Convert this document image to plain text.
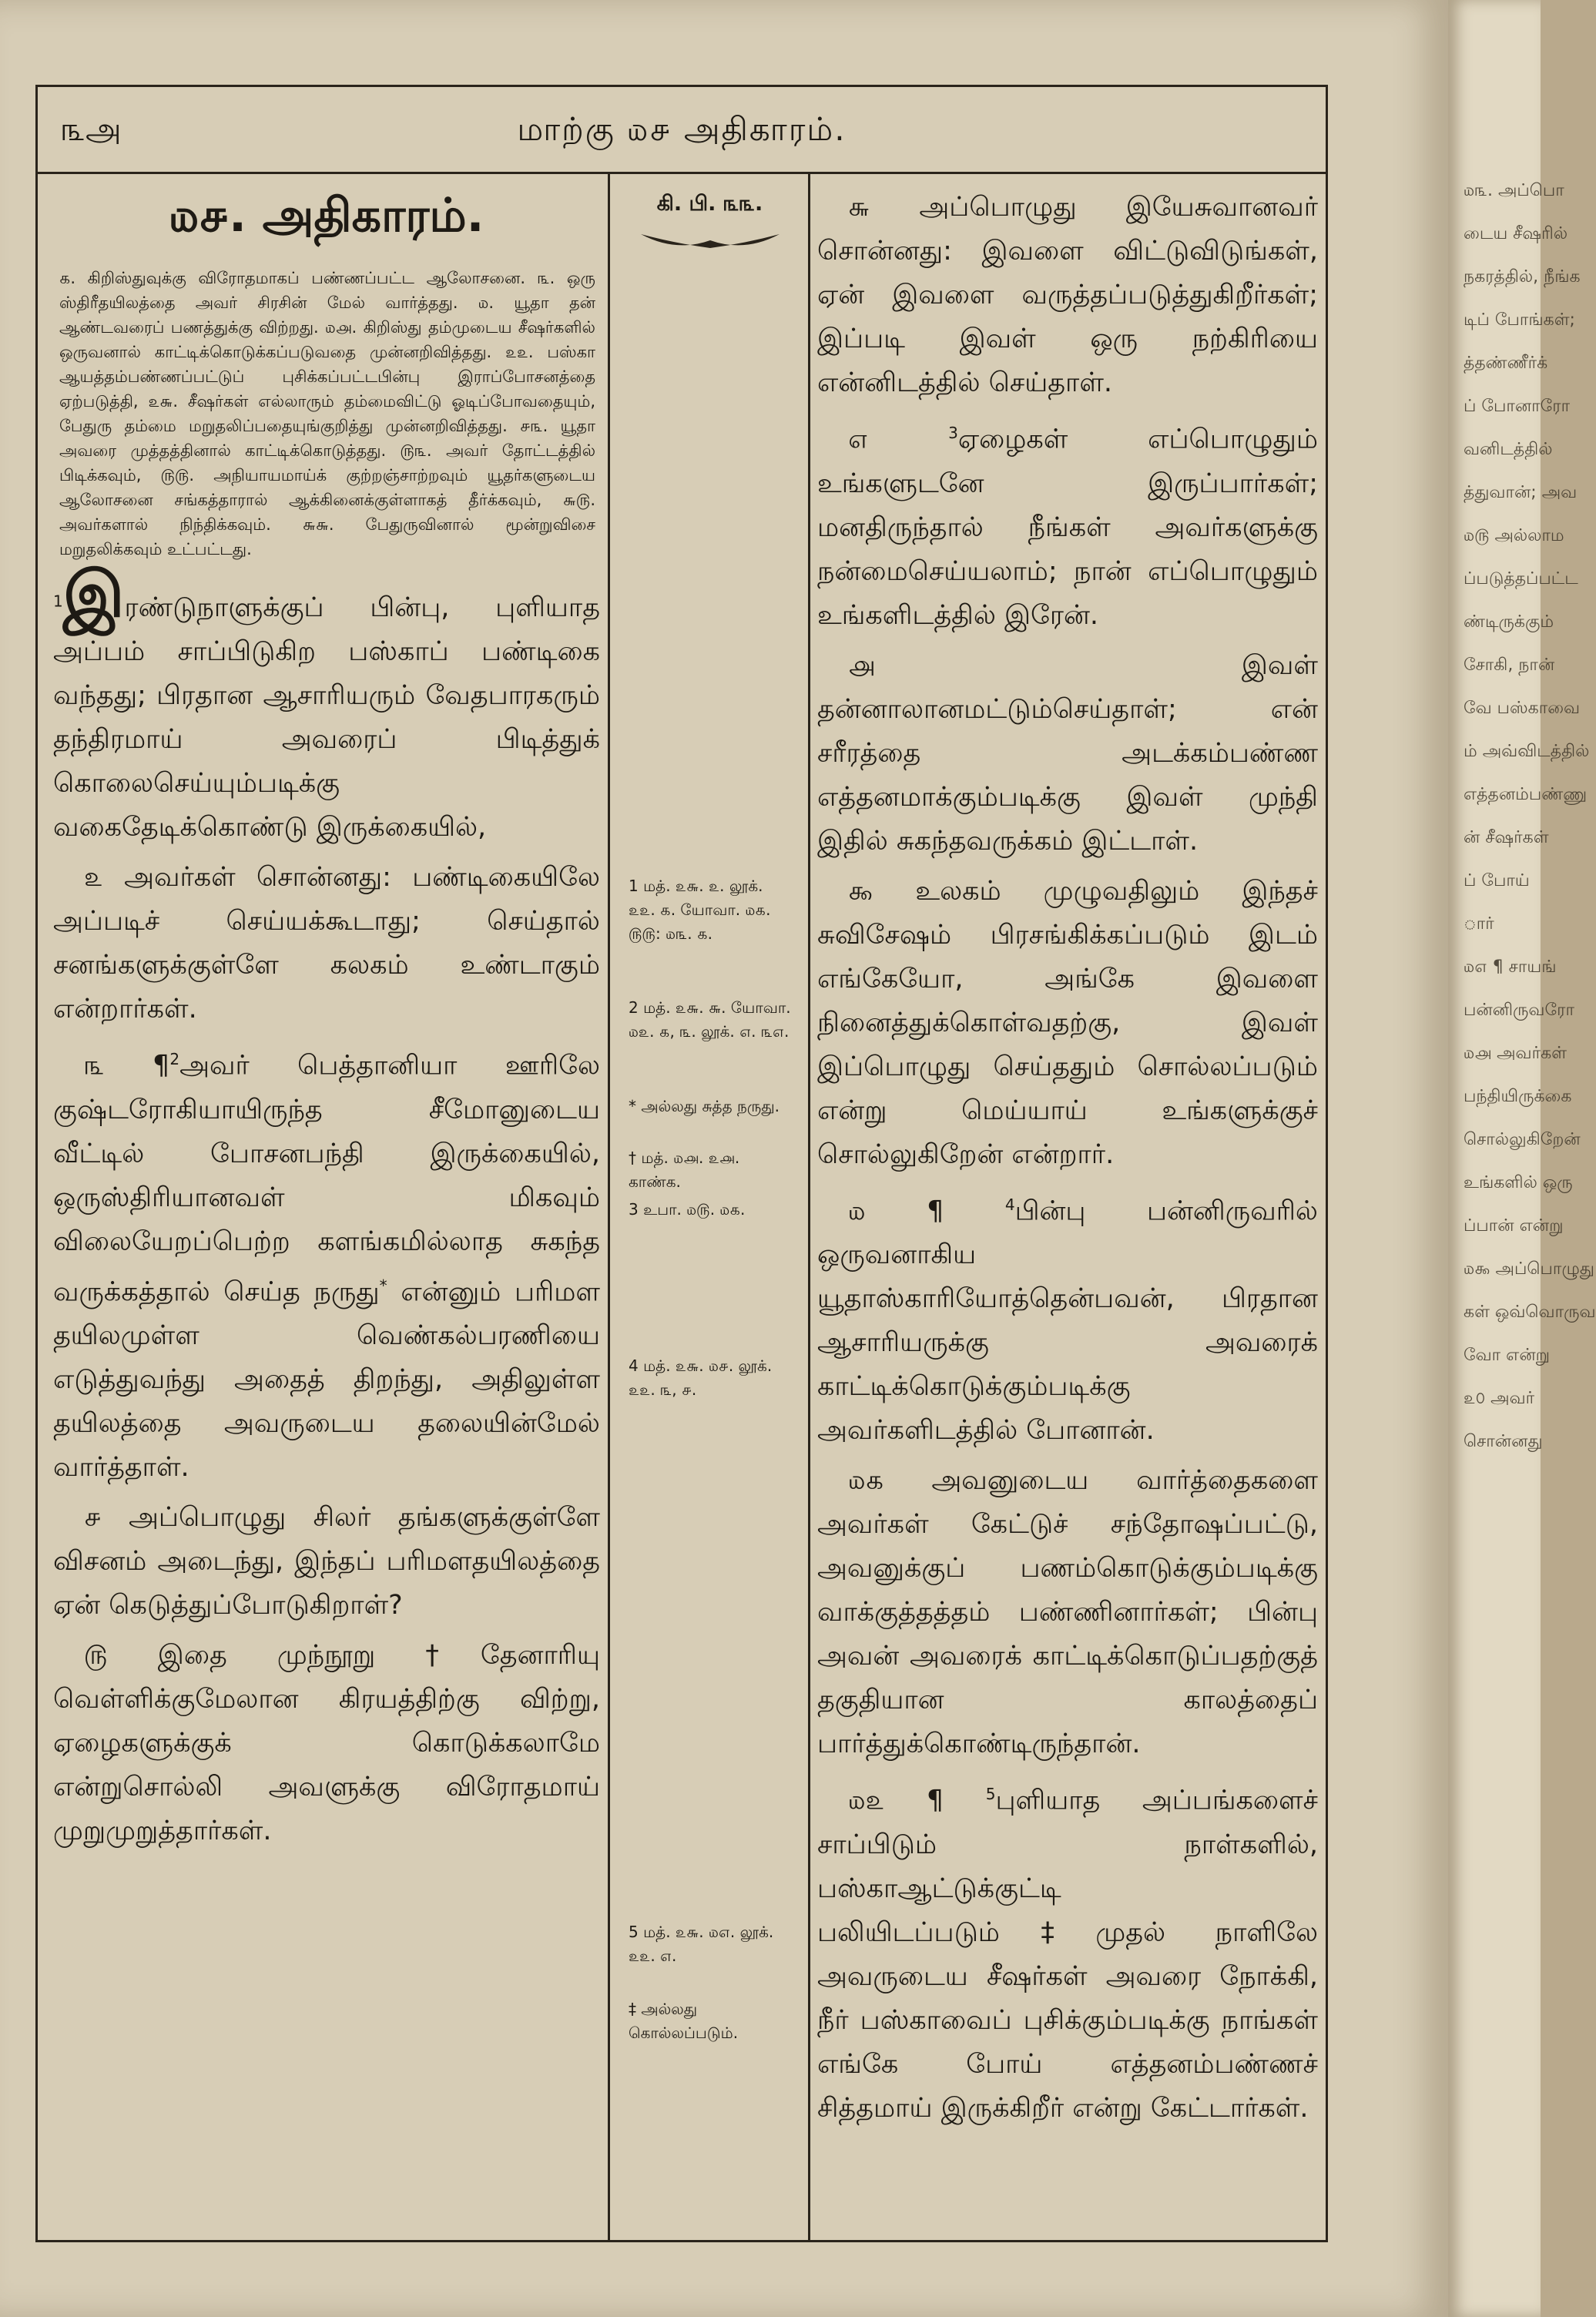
௩அ	மாற்கு ௰௪ அதிகாரம்.
௰௪. அதிகாரம்.
௧. கிறிஸ்துவுக்கு விரோதமாகப் பண்ணப்பட்ட ஆலோசனை. ௩. ஒரு ஸ்திரீதயிலத்தை அவர் சிரசின் மேல் வார்த்தது. ௰. யூதா தன் ஆண்டவரைப் பணத்துக்கு விற்றது. ௰௮. கிறிஸ்து தம்முடைய சீஷர்களில் ஒருவனால் காட்டிக்கொடுக்கப்படுவதை முன்னறிவித்தது. ௨௨. பஸ்கா ஆயத்தம்பண்ணப்பட்டுப் புசிக்கப்பட்டபின்பு இராப்போசனத்தை ஏற்படுத்தி, ௨௬. சீஷர்கள் எல்லாரும் தம்மைவிட்டு ஓடிப்போவதையும், பேதுரு தம்மை மறுதலிப்பதையுங்குறித்து முன்னறிவித்தது. ௪௩. யூதா அவரை முத்தத்தினால் காட்டிக்கொடுத்தது. ௫௩. அவர் தோட்டத்தில் பிடிக்கவும், ௫௫. அநியாயமாய்க் குற்றஞ்சாற்றவும் யூதர்களுடைய ஆலோசனை சங்கத்தாரால் ஆக்கினைக்குள்ளாகத் தீர்க்கவும், ௬௫. அவர்களால் நிந்திக்கவும். ௬௬. பேதுருவினால் மூன்றுவிசை மறுதலிக்கவும் உட்பட்டது.

$^1$இரண்டுநாளுக்குப் பின்பு, புளியாத அப்பம் சாப்பிடுகிற பஸ்காப் பண்டிகை வந்தது; பிரதான ஆசாரியரும் வேதபாரகரும் தந்திரமாய் அவரைப் பிடித்துக் கொலைசெய்யும்படிக்கு வகைதேடிக்கொண்டு இருக்கையில்,

௨ அவர்கள் சொன்னது: பண்டிகையிலே அப்படிச் செய்யக்கூடாது; செய்தால் சனங்களுக்குள்ளே கலகம் உண்டாகும் என்றார்கள்.

௩ ¶$^2$அவர் பெத்தானியா ஊரிலே குஷ்டரோகியாயிருந்த சீமோனுடைய வீட்டில் போசனபந்தி இருக்கையில், ஒருஸ்திரியானவள் மிகவும் விலையேறப்பெற்ற களங்கமில்லாத சுகந்த வருக்கத்தால் செய்த நருது* என்னும் பரிமள தயிலமுள்ள வெண்கல்பரணியை எடுத்துவந்து அதைத் திறந்து, அதிலுள்ள தயிலத்தை அவருடைய தலையின்மேல் வார்த்தாள்.

௪ அப்பொழுது சிலர் தங்களுக்குள்ளே விசனம் அடைந்து, இந்தப் பரிமளதயிலத்தை ஏன் கெடுத்துப்போடுகிறாள்?

௫ இதை முந்நூறு †தேனாரியு வெள்ளிக்குமேலான கிரயத்திற்கு விற்று, ஏழைகளுக்குக் கொடுக்கலாமே என்றுசொல்லி அவளுக்கு விரோதமாய் முறுமுறுத்தார்கள்.

கி. பி. ௩௩.
1 மத். ௨௬. ௨. லூக். ௨௨. ௧. யோவா. ௰௧. ௫௫: ௰௩. ௧.
2 மத். ௨௬. ௬. யோவா. ௰௨. ௧, ௩. லூக். ௭. ௩௭.
* அல்லது சுத்த நருது.
† மத். ௰௮. ௨௮. காண்க.
3 உபா. ௰௫. ௰௧.
4 மத். ௨௬. ௰௪. லூக். ௨௨. ௩, ௪.
5 மத். ௨௬. ௰௭. லூக். ௨௨. ௭.
‡ அல்லது கொல்லப்படும்.

௬ அப்பொழுது இயேசுவானவர் சொன்னது: இவளை விட்டுவிடுங்கள், ஏன் இவளை வருத்தப்படுத்துகிறீர்கள்; இப்படி இவள் ஒரு நற்கிரியை என்னிடத்தில் செய்தாள்.

௭ $^3$ஏழைகள் எப்பொழுதும் உங்களுடனே இருப்பார்கள்; மனதிருந்தால் நீங்கள் அவர்களுக்கு நன்மைசெய்யலாம்; நான் எப்பொழுதும் உங்களிடத்தில் இரேன்.

௮ இவள் தன்னாலானமட்டும்செய்தாள்; என் சரீரத்தை அடக்கம்பண்ண எத்தனமாக்கும்படிக்கு இவள் முந்தி இதில் சுகந்தவருக்கம் இட்டாள்.

௯ உலகம் முழுவதிலும் இந்தச் சுவிசேஷம் பிரசங்கிக்கப்படும் இடம் எங்கேயோ, அங்கே இவளை நினைத்துக்கொள்வதற்கு, இவள் இப்பொழுது செய்ததும் சொல்லப்படும் என்று மெய்யாய் உங்களுக்குச் சொல்லுகிறேன் என்றார்.

௰ ¶ $^4$பின்பு பன்னிருவரில் ஒருவனாகிய யூதாஸ்காரியோத்தென்பவன், பிரதான ஆசாரியருக்கு அவரைக் காட்டிக்கொடுக்கும்படிக்கு அவர்களிடத்தில் போனான்.

௰௧ அவனுடைய வார்த்தைகளை அவர்கள் கேட்டுச் சந்தோஷப்பட்டு, அவனுக்குப் பணம்கொடுக்கும்படிக்கு வாக்குத்தத்தம் பண்ணினார்கள்; பின்பு அவன் அவரைக் காட்டிக்கொடுப்பதற்குத் தகுதியான காலத்தைப் பார்த்துக்கொண்டிருந்தான்.

௰௨ ¶ $^5$புளியாத அப்பங்களைச் சாப்பிடும் நாள்களில், பஸ்காஆட்டுக்குட்டி பலியிடப்படும்‡முதல் நாளிலே அவருடைய சீஷர்கள் அவரை நோக்கி, நீர் பஸ்காவைப் புசிக்கும்படிக்கு நாங்கள் எங்கே போய் எத்தனம்பண்ணச் சித்தமாய் இருக்கிறீர் என்று கேட்டார்கள்.

௰௩. அப்பொ
டைய சீஷரில்
நகரத்தில், நீங்க
டிப் போங்கள்;
த்தண்ணீர்க்
ப் போனாரோ
வனிடத்தில்
த்துவான்; அவ
௰௫ அல்லாம
ப்படுத்தப்பட்ட
ண்டிருக்கும்
சோகி, நான்
வே பஸ்காவை
ம் அவ்விடத்தில்
எத்தனம்பண்ணு
ன் சீஷர்கள்
ப் போய்
ார்
௰௭ ¶ சாயங்
பன்னிருவரோ
௰௮ அவர்கள்
பந்தியிருக்கை
சொல்லுகிறேன்
உங்களில் ஒரு
ப்பான் என்று
௰௯ அப்பொழுது
கள் ஒவ்வொருவ
வோ என்று
௨௦ அவர்
சொன்னது
